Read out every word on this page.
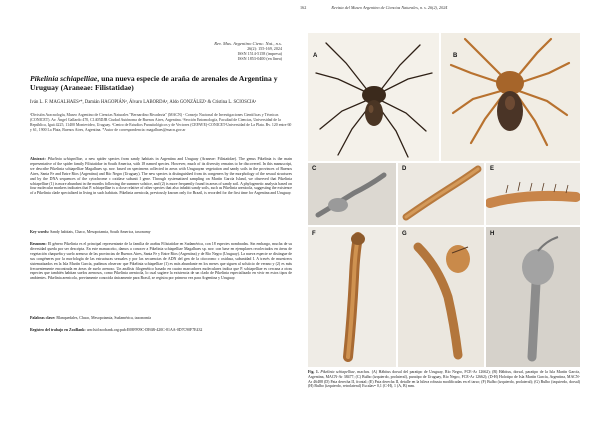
162	Revista del Museo Argentino de Ciencias Naturales, n. s. 26(2), 2024
Rev. Mus. Argentino Cienc. Nat., n.s.
26(2): 155-169, 2024
ISSN 1514-5158 (impresa)
ISSN 1853-0400 (en línea)
Pikelinia schiapelliae, una nueva especie de araña de arenales de Argentina y Uruguay (Araneae: Filistatidae)
Iván L. F. MAGALHAES¹*, Damián HAGOPIÁN², Álvaro LABORDA², Aldo GONZÁLEZ³ & Cristina L. SCIOSCIA¹
¹División Aracnología, Museo Argentino de Ciencias Naturales "Bernardino Rivadavia" (MACN) - Consejo Nacional de Investigaciones Científicas y Técnicas (CONICET). Av. Ángel Gallardo 470, C1405DJR Ciudad Autónoma de Buenos Aires, Argentina. ²Sección Entomología, Facultad de Ciencias, Universidad de la República, Iguá 4225, 11400 Montevideo, Uruguay. ³Centro de Estudios Parasitológicos y de Vectores (CEPAVE)-CONICET-Universidad de La Plata. Bv. 120 entre 60 y 61, 1900 La Plata, Buenos Aires, Argentina. *Autor de correspondencia: magalhaes@macn.gov.ar
Abstract: Pikelinia schiapelliae, a new spider species from sandy habitats in Argentina and Uruguay (Araneae: Filistatidae). The genus Pikelinia is the main representative of the spider family Filistatidae in South America, with 18 named species. However, much of its diversity remains to be discovered. In this manuscript, we describe Pikelinia schiapelliae Magalhaes sp. nov. based on specimens collected in areas with Uruguayan vegetation and sandy soils in the provinces of Buenos Aires, Santa Fe and Entre Ríos (Argentina) and Río Negro (Uruguay). The new species is distinguished from its congeners by the morphology of the sexual structures and by the DNA sequences of the cytochrome c oxidase subunit I gene. Through systematized sampling on Martín García Island, we observed that Pikelinia schiapelliae (1) is more abundant in the months following the summer solstice, and (2) is more frequently found in areas of sandy soil. A phylogenetic analysis based on four molecular markers indicates that P. schiapelliae is a close relative of other species that also inhabit sandy soils, such as Pikelinia arenicola, suggesting the existence of a Pikelinia clade specialized in living in such habitats. Pikelinia arenicola, previously known only for Brazil, is recorded for the first time for Argentina and Uruguay.
Key words: Sandy habitats, Chaco, Mesopotamia, South America, taxonomy
Resumen: El género Pikelinia es el principal representante de la familia de arañas Filistatidae en Sudamérica, con 18 especies nombradas. Sin embargo, mucha de su diversidad queda por ser descripta. En este manuscrito, damos a conocer a Pikelinia schiapelliae Magalhaes sp. nov. con base en ejemplares recolectados en áreas de vegetación chaqueña y suelo arenoso de las provincias de Buenos Aires, Santa Fe y Entre Ríos (Argentina) y de Río Negro (Uruguay). La nueva especie se distingue de sus congéneres por la morfología de las estructuras sexuales y por las secuencias de ADN del gen de la citocromo c oxidasa, subunidad I. A través de muestreos sistematizados en la Isla Martín García, pudimos observar que Pikelinia schiapelliae (1) es más abundante en los meses que siguen al solsticio de verano y (2) es más frecuentemente encontrada en áreas de suelo arenoso. Un análisis filogenético basado en cuatro marcadores moleculares indica que P. schiapelliae es cercana a otras especies que también habitan suelos arenosos, como Pikelinia arenicola, lo cual sugiere la existencia de un clado de Pikelinia especializado en vivir en estos tipos de ambientes. Pikelinia arenicola, previamente conocida únicamente para Brasil, se registra por primera vez para Argentina y Uruguay.
Palabras clave: Blanquedales, Chaco, Mesopotamia, Sudamérica, taxonomía
Registro del trabajo en ZooBank: urn:lsid:zoobank.org:pub:E08FF09C-DE6B-420C-81AA-0D7C90F7E432
A	B
C	D	E
F	G	H
Fig. 1. Pikelinia schiapelliae, machos. (A) Hábitus dorsal del paratipo de Uruguay, Río Negro, FCE-Ar 12662); (B) Hábitus, dorsal, paratipo de la Isla Martín García, Argentina, MACN-Ar 38477; (C) Bulbo (izquierdo, prolateral), paratipo de Uruguay, Río Negro, FCE-Ar 12662); (D-H) Holotipo de Isla Martín García, Argentina, MACN-Ar 46488 (D) Pata derecha II, frontal; (E) Pata derecha II, detalle en la hilera robusta modificadas en el tarso; (F) Bulbo (izquierdo, prolateral); (G) Bulbo (izquierdo, dorsal) (H) Bulbo (izquierdo, retrolateral) Escalas= 0,1 (C-H), 1 (A, B) mm.
